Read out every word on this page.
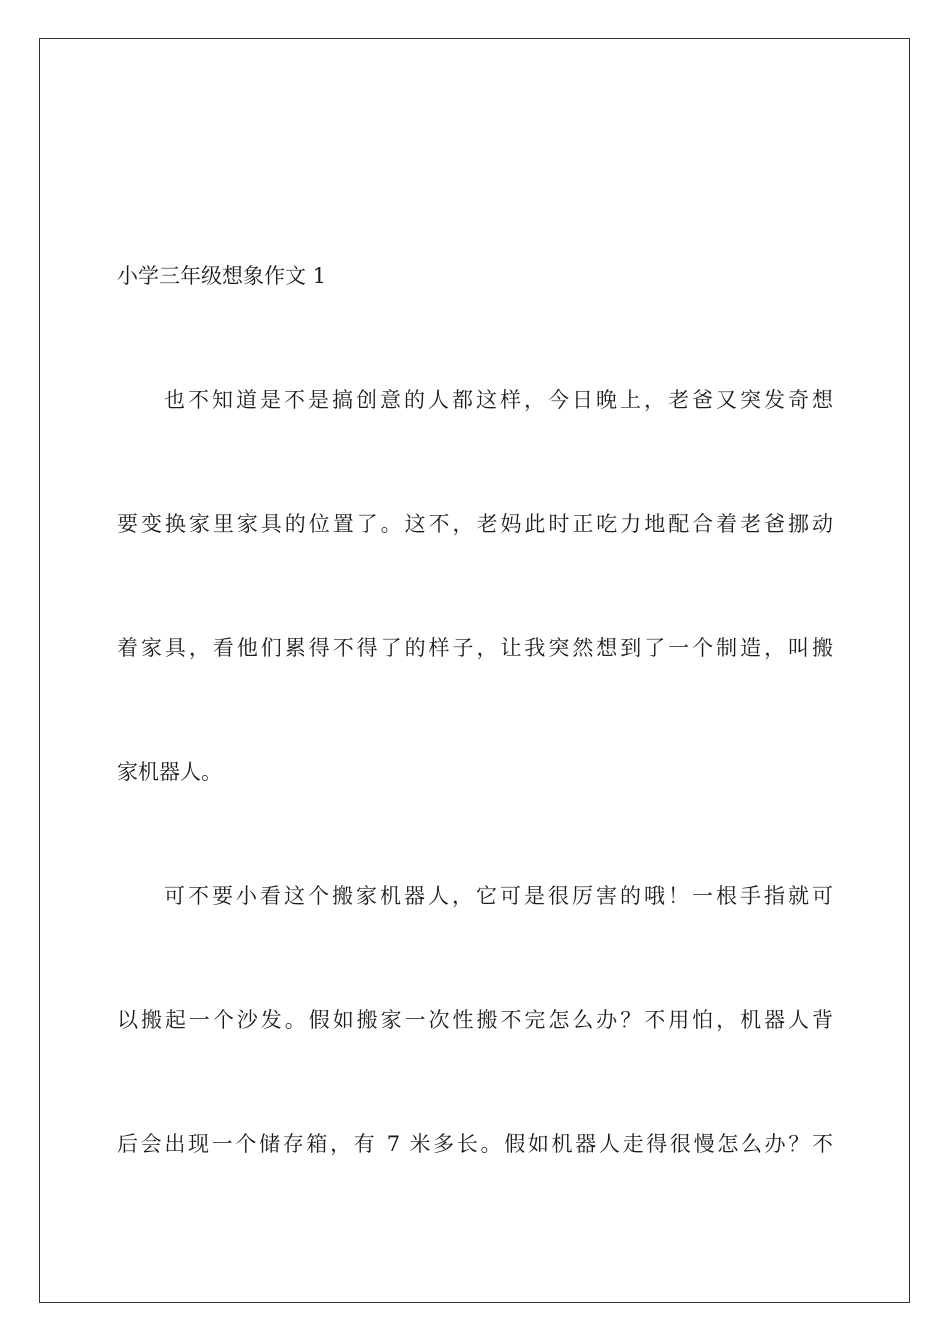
小学三年级想象作文 1
也不知道是不是搞创意的人都这样，今日晚上，老爸又突发奇想
要变换家里家具的位置了。这不，老妈此时正吃力地配合着老爸挪动
着家具，看他们累得不得了的样子，让我突然想到了一个制造，叫搬
家机器人。
可不要小看这个搬家机器人，它可是很厉害的哦！一根手指就可
以搬起一个沙发。假如搬家一次性搬不完怎么办？不用怕，机器人背
后会出现一个储存箱，有 7 米多长。假如机器人走得很慢怎么办？不
